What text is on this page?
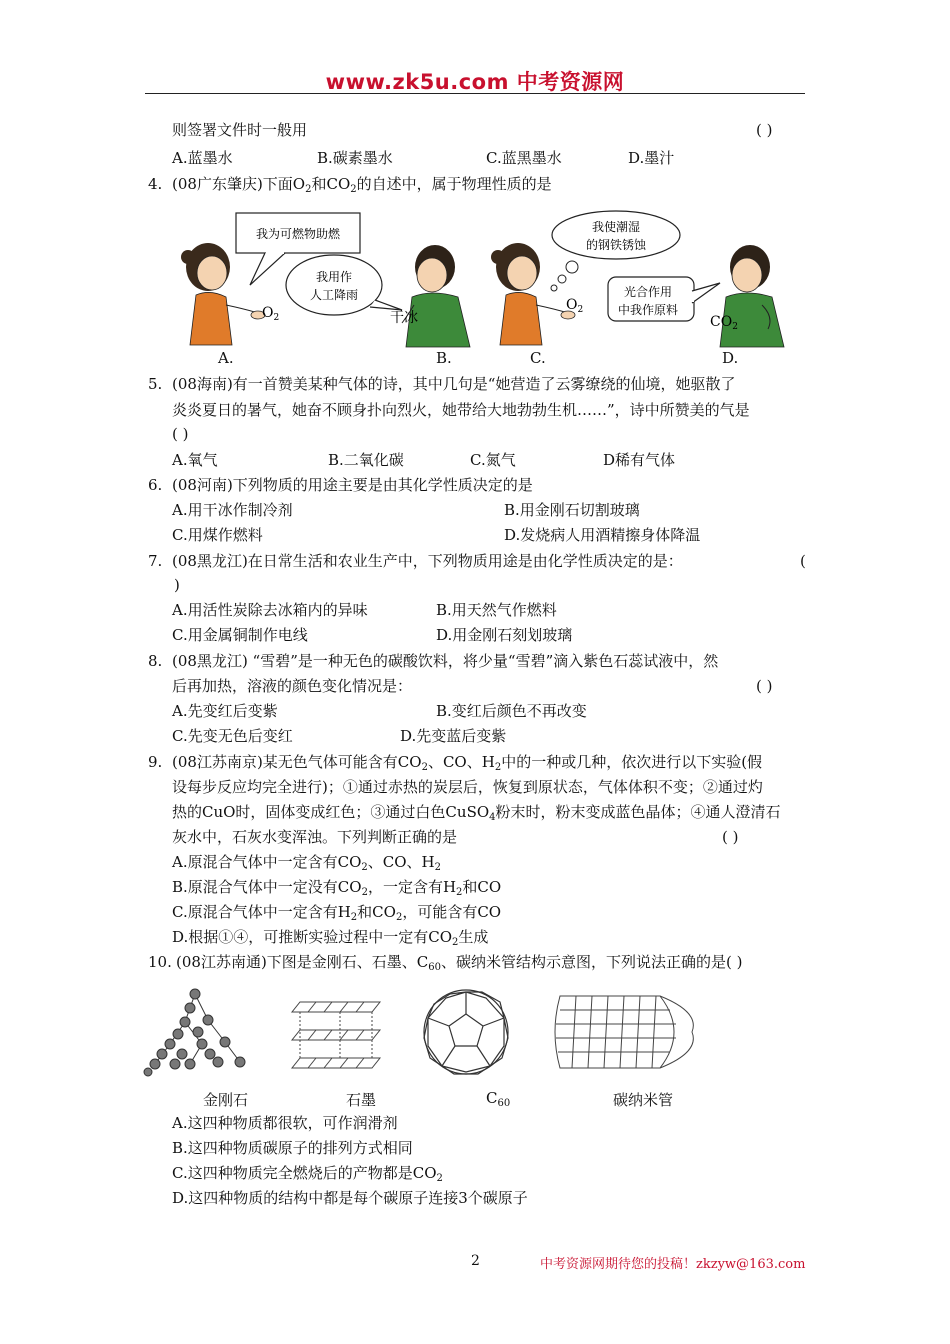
www.zk5u.com 中考资源网
则签署文件时一般用	( )
A.蓝墨水	B.碳素墨水	C.蓝黑墨水	D.墨汁
4. (08广东肇庆)下面$O_2$和$CO_2$的自述中，属于物理性质的是
我为可燃物助燃
$O_2$
我用作
人工降雨
干冰
我使潮湿
的钢铁锈蚀
$O_2$
光合作用
中我作原料
$CO_2$
A.	B.	C.	D.
5. (08海南)有一首赞美某种气体的诗，其中几句是“她营造了云雾缭绕的仙境，她驱散了
炎炎夏日的暑气，她奋不顾身扑向烈火，她带给大地勃勃生机……”，诗中所赞美的气是
( )
A.氧气	B.二氧化碳	C.氮气	D稀有气体
6. (08河南)下列物质的用途主要是由其化学性质决定的是
A.用干冰作制冷剂	B.用金刚石切割玻璃
C.用煤作燃料	D.发烧病人用酒精擦身体降温
7. (08黑龙江)在日常生活和农业生产中，下列物质用途是由化学性质决定的是：	(
)
A.用活性炭除去冰箱内的异味	B.用天然气作燃料
C.用金属铜制作电线	D.用金刚石刻划玻璃
8. (08黑龙江) “雪碧”是一种无色的碳酸饮料，将少量“雪碧”滴入紫色石蕊试液中，然
后再加热，溶液的颜色变化情况是：	( )
A.先变红后变紫	B.变红后颜色不再改变
C.先变无色后变红	D.先变蓝后变紫
9. (08江苏南京)某无色气体可能含有$CO_2$、CO、$H_2$中的一种或几种，依次进行以下实验(假
设每步反应均完全进行)；①通过赤热的炭层后，恢复到原状态，气体体积不变；②通过灼
热的CuO时，固体变成红色；③通过白色CuSO$_4$粉末时，粉末变成蓝色晶体；④通人澄清石
灰水中，石灰水变浑浊。下列判断正确的是	( )
A.原混合气体中一定含有$CO_2$、CO、$H_2$
B.原混合气体中一定没有$CO_2$，一定含有$H_2$和CO
C.原混合气体中一定含有$H_2$和$CO_2$，可能含有CO
D.根据①④，可推断实验过程中一定有$CO_2$生成
10. (08江苏南通)下图是金刚石、石墨、$C_{60}$、碳纳米管结构示意图，下列说法正确的是( )
金刚石	石墨	$C_{60}$	碳纳米管
A.这四种物质都很软，可作润滑剂
B.这四种物质碳原子的排列方式相同
C.这四种物质完全燃烧后的产物都是$CO_2$
D.这四种物质的结构中都是每个碳原子连接3个碳原子
2	中考资源网期待您的投稿！zkzyw@163.com
